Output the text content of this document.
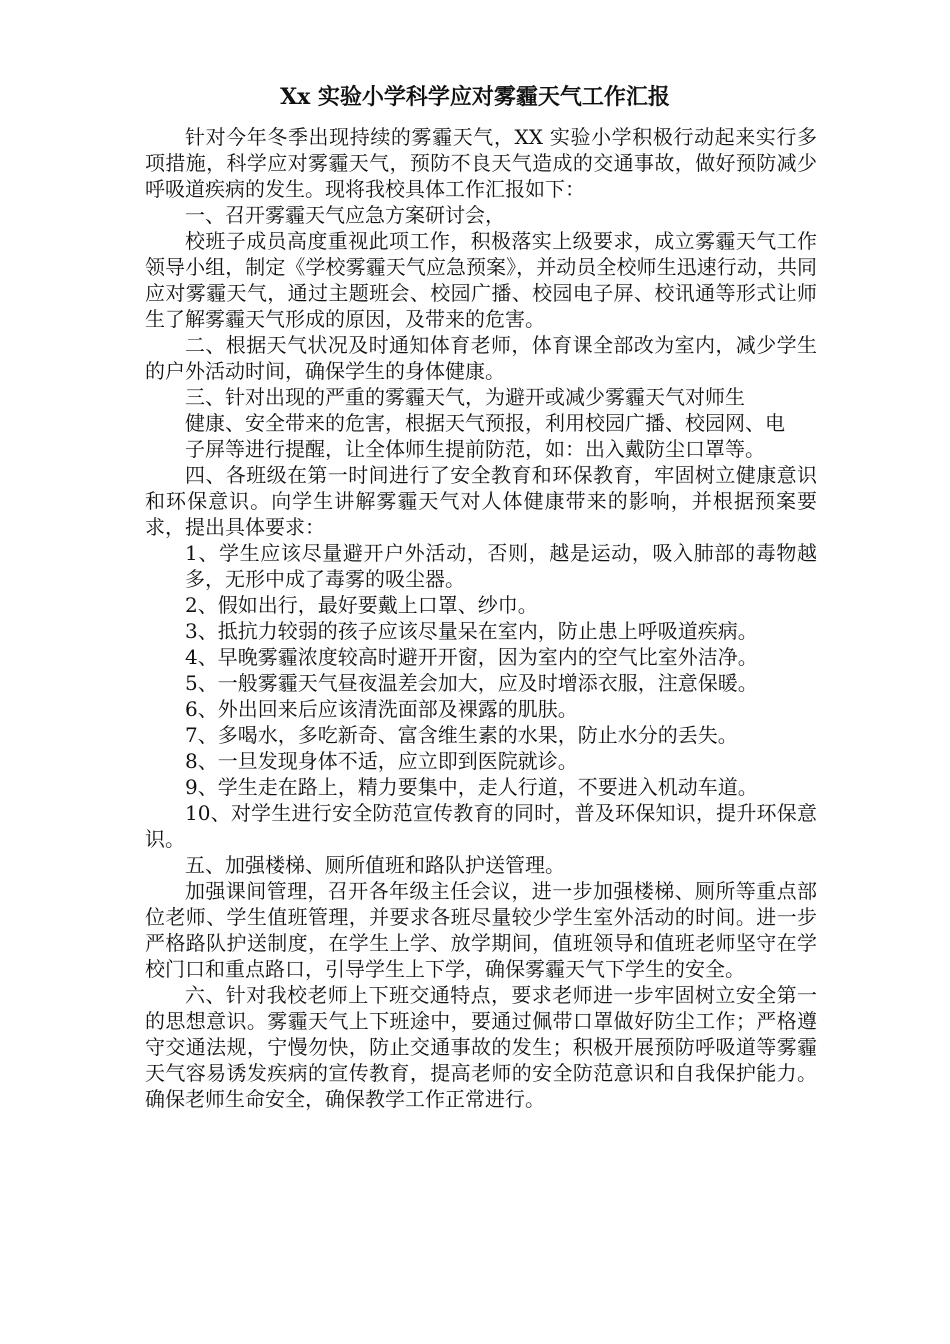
Xx 实验小学科学应对雾霾天气工作汇报

针对今年冬季出现持续的雾霾天气，XX 实验小学积极行动起来实行多项措施，科学应对雾霾天气，预防不良天气造成的交通事故，做好预防减少呼吸道疾病的发生。现将我校具体工作汇报如下：

一、召开雾霾天气应急方案研讨会，

校班子成员高度重视此项工作，积极落实上级要求，成立雾霾天气工作领导小组，制定《学校雾霾天气应急预案》，并动员全校师生迅速行动，共同应对雾霾天气，通过主题班会、校园广播、校园电子屏、校讯通等形式让师生了解雾霾天气形成的原因，及带来的危害。

二、根据天气状况及时通知体育老师，体育课全部改为室内，减少学生的户外活动时间，确保学生的身体健康。

三、针对出现的严重的雾霾天气，为避开或减少雾霾天气对师生

健康、安全带来的危害，根据天气预报，利用校园广播、校园网、电

子屏等进行提醒，让全体师生提前防范，如：出入戴防尘口罩等。

四、各班级在第一时间进行了安全教育和环保教育，牢固树立健康意识和环保意识。向学生讲解雾霾天气对人体健康带来的影响，并根据预案要求，提出具体要求：

1、学生应该尽量避开户外活动，否则，越是运动，吸入肺部的毒物越多，无形中成了毒雾的吸尘器。

2、假如出行，最好要戴上口罩、纱巾。

3、抵抗力较弱的孩子应该尽量呆在室内，防止患上呼吸道疾病。

4、早晚雾霾浓度较高时避开开窗，因为室内的空气比室外洁净。

5、一般雾霾天气昼夜温差会加大，应及时增添衣服，注意保暖。

6、外出回来后应该清洗面部及裸露的肌肤。

7、多喝水，多吃新奇、富含维生素的水果，防止水分的丢失。

8、一旦发现身体不适，应立即到医院就诊。

9、学生走在路上，精力要集中，走人行道，不要进入机动车道。

10、对学生进行安全防范宣传教育的同时，普及环保知识，提升环保意识。

五、加强楼梯、厕所值班和路队护送管理。

加强课间管理，召开各年级主任会议，进一步加强楼梯、厕所等重点部位老师、学生值班管理，并要求各班尽量较少学生室外活动的时间。进一步严格路队护送制度，在学生上学、放学期间，值班领导和值班老师坚守在学校门口和重点路口，引导学生上下学，确保雾霾天气下学生的安全。

六、针对我校老师上下班交通特点，要求老师进一步牢固树立安全第一的思想意识。雾霾天气上下班途中，要通过佩带口罩做好防尘工作；严格遵守交通法规，宁慢勿快，防止交通事故的发生；积极开展预防呼吸道等雾霾天气容易诱发疾病的宣传教育，提高老师的安全防范意识和自我保护能力。确保老师生命安全，确保教学工作正常进行。
